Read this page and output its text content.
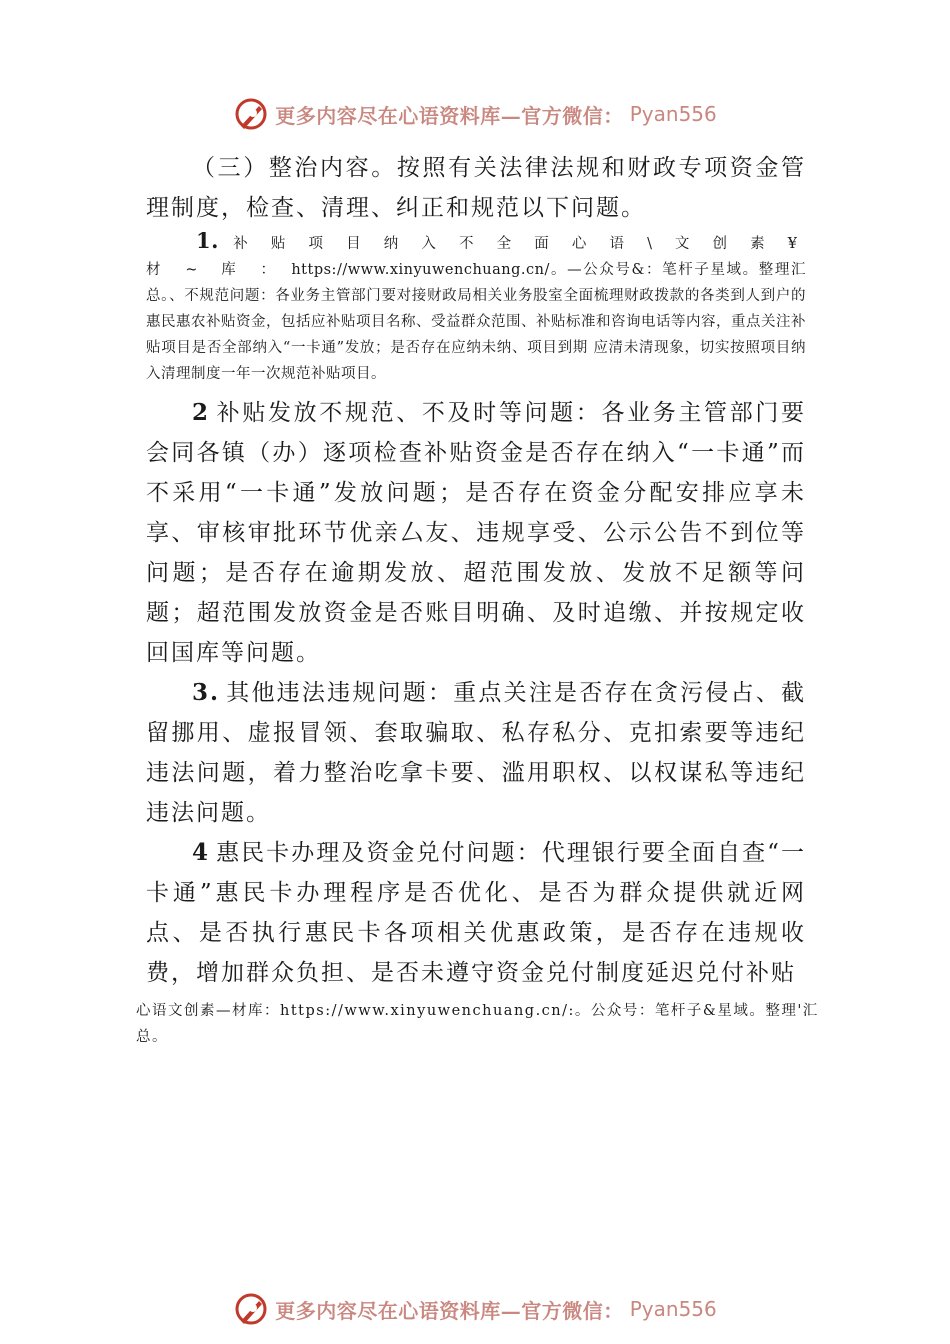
更多内容尽在心语资料库—官方微信： Pyan556

（三）整治内容。按照有关法律法规和财政专项资金管理制度，检查、清理、纠正和规范以下问题。

1. 补 贴 项 目 纳 入 不 全 面 心 语 \ 文 创 素 ¥ 材 ~ 库 ： https://www.xinyuwenchuang.cn/。—公众号&：笔杆子星域。整理汇总。、不规范问题：各业务主管部门要对接财政局相关业务股室全面梳理财政拨款的各类到人到户的惠民惠农补贴资金，包括应补贴项目名称、受益群众范围、补贴标准和咨询电话等内容，重点关注补贴项目是否全部纳入“一卡通”发放；是否存在应纳未纳、项目到期 应清未清现象，切实按照项目纳入清理制度一年一次规范补贴项目。

2 补贴发放不规范、不及时等问题：各业务主管部门要会同各镇（办）逐项检查补贴资金是否存在纳入“一卡通”而不采用“一卡通”发放问题；是否存在资金分配安排应享未享、审核审批环节优亲厶友、违规享受、公示公告不到位等问题；是否存在逾期发放、超范围发放、发放不足额等问题；超范围发放资金是否账目明确、及时追缴、并按规定收回国库等问题。

3. 其他违法违规问题：重点关注是否存在贪污侵占、截留挪用、虚报冒领、套取骗取、私存私分、克扣索要等违纪违法问题，着力整治吃拿卡要、滥用职权、以权谋私等违纪违法问题。

4 惠民卡办理及资金兑付问题：代理银行要全面自查“一卡通”惠民卡办理程序是否优化、是否为群众提供就近网点、是否执行惠民卡各项相关优惠政策，是否存在违规收费，增加群众负担、是否未遵守资金兑付制度延迟兑付补贴

心语文创素—材库：https://www.xinyuwenchuang.cn/:。公众号：笔杆子&星域。整理'汇总。

更多内容尽在心语资料库—官方微信： Pyan556
